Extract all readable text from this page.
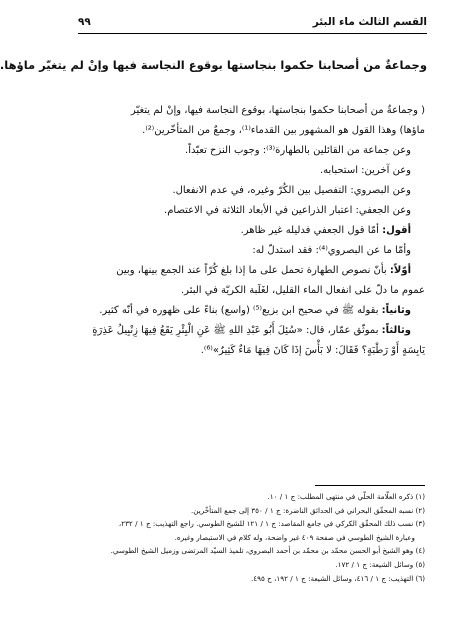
القسم الثالث ماء البئر
٩٩
وجماعةٌ من أصحابنا حكموا بنجاستها بوقوع النجاسة فيها وإنْ لم يتغيّر ماؤها.

( وجماعةٌ من أصحابنا حكموا بنجاستها، بوقوع النجاسة فيها، وإنْ لم يتغيّر

ماؤها) وهذا القول هو المشهور بين القدماء⁽¹⁾، وجمعٌ من المتأخّرين⁽²⁾.

وعن جماعة من القائلين بالطهارة⁽³⁾: وجوب النزح تعبّداً.

وعن آخرين: استحبابه.

وعن البصروي: التفصيل بين الكُرّ وغيره، في عدم الانفعال.

وعن الجعفي: اعتبار الذراعين في الأبعاد الثلاثة في الاعتصام.

أقول: أمّا قول الجعفي فدليله غير ظاهر.

وأمّا ما عن البصروي⁽⁴⁾: فقد استدلّ له:

أوّلاً: بأنّ نصوص الطهارة تحمل على ما إذا بلغ كُرّاً عند الجمع بينها، وبين

عموم ما دلّ على انفعال الماء القليل، لغَلَبة الكريّة في البئر.

وثانياً: بقوله ﷺ في صحيح ابن بزيع⁽⁵⁾ (واسع) بناءً على ظهوره في أنّه كثير.

وثالثاً: بموثّق عمّار، قال: «سُئِلَ أَبُو عَبْدِ اللهِ ﷺ عَنِ الْبِئْرِ يَقَعُ فِيهَا زِنْبِيلُ عَذِرَةٍ

يَابِسَةٍ أَوْ رَطْبَةٍ؟ فَقَالَ: لا بَأْسَ إذَا كَانَ فِيهَا مَاءٌ كَثِيرٌ»⁽⁶⁾.

(١) ذكره العلّامة الحلّي في منتهى المطلب: ج ١ / ١٠.

(٢) نسبه المحقّق البحراني في الحدائق الناضرة: ج ١ / ٣٥٠ إلى جمع المتأخّرين.

(٣) نسب ذلك المحقّق الكركي في جامع المقاصد: ج ١ / ١٢١ للشيخ الطوسي. راجع التهذيب: ج ١ / ٢٣٢،

وعبارة الشيخ الطوسي في صفحة ٤٠٩ غير واضحة، وله كلام في الاستبصار وغيره.

(٤) وهو الشيخ أبو الحسن محمّد بن محمّد بن أحمد البصروي، تلميذ السيّد المرتضى وزميل الشيخ الطوسي.

(٥) وسائل الشيعة: ج ١ / ١٧٢.

(٦) التهذيب: ج ١ / ٤١٦، وسائل الشيعة: ج ١ / ١٩٢، ح ٤٩٥.
